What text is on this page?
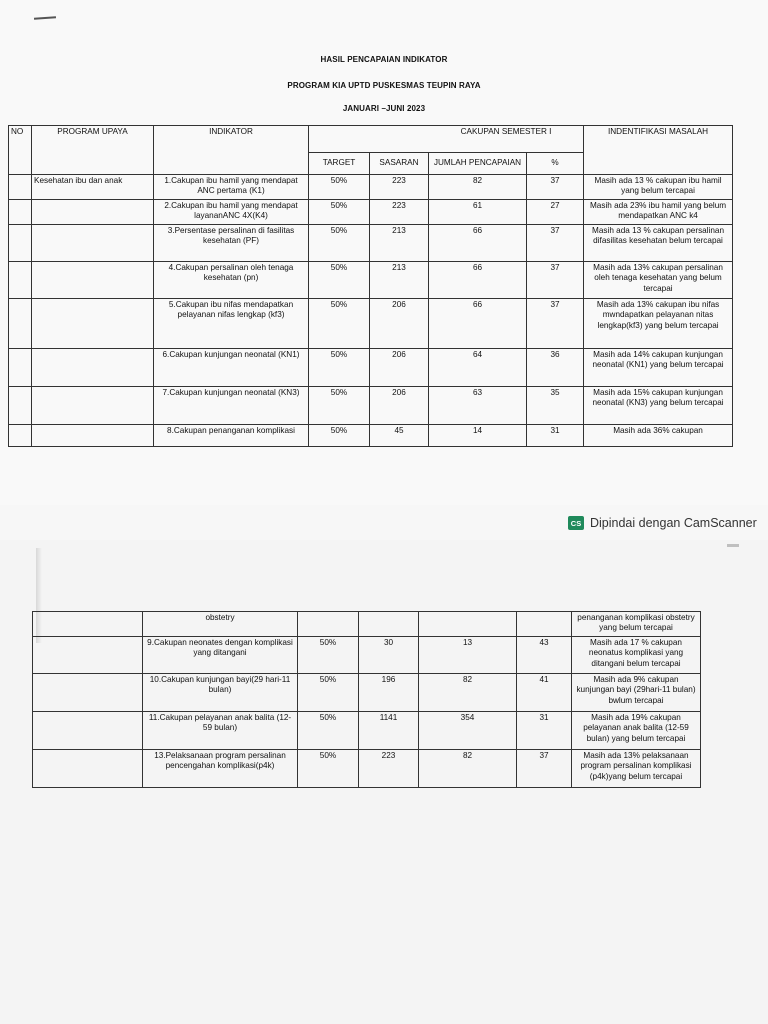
HASIL PENCAPAIAN INDIKATOR
PROGRAM KIA UPTD PUSKESMAS TEUPIN RAYA
JANUARI –JUNI 2023
NO	PROGRAM UPAYA	INDIKATOR	CAKUPAN SEMESTER I				INDENTIFIKASI MASALAH
			TARGET	SASARAN	JUMLAH PENCAPAIAN	%	
	Kesehatan ibu dan anak	1.Cakupan ibu hamil yang mendapat ANC pertama (K1)	50%	223	82	37	Masih ada 13 % cakupan ibu hamil yang belum tercapai
		2.Cakupan ibu hamil yang mendapat layananANC 4X(K4)	50%	223	61	27	Masih ada 23% ibu hamil yang belum mendapatkan ANC k4
		3.Persentase persalinan di fasilitas kesehatan (PF)	50%	213	66	37	Masih ada 13 % cakupan persalinan difasilitas kesehatan belum tercapai
		4.Cakupan persalinan oleh tenaga kesehatan (pn)	50%	213	66	37	Masih ada 13% cakupan persalinan oleh tenaga kesehatan yang belum tercapai
		5.Cakupan ibu nifas mendapatkan pelayanan nifas lengkap (kf3)	50%	206	66	37	Masih ada 13% cakupan ibu nifas mwndapatkan pelayanan nitas lengkap(kf3) yang belum tercapai
		6.Cakupan kunjungan neonatal (KN1)	50%	206	64	36	Masih ada 14% cakupan kunjungan neonatal (KN1) yang belum tercapai
		7.Cakupan kunjungan neonatal (KN3)	50%	206	63	35	Masih ada 15% cakupan kunjungan neonatal (KN3) yang belum tercapai
		8.Cakupan penanganan komplikasi	50%	45	14	31	Masih ada 36% cakupan
CS Dipindai dengan CamScanner
	obstetry					penanganan komplikasi obstetry yang belum tercapai
	9.Cakupan neonates dengan komplikasi yang ditangani	50%	30	13	43	Masih ada 17 % cakupan neonatus komplikasi yang ditangani belum tercapai
	10.Cakupan kunjungan bayi(29 hari-11 bulan)	50%	196	82	41	Masih ada 9% cakupan kunjungan bayi (29hari-11 bulan) bwlum tercapai
	11.Cakupan pelayanan anak balita (12-59 bulan)	50%	1141	354	31	Masih ada 19% cakupan pelayanan anak balita (12-59 bulan) yang belum tercapai
	13.Pelaksanaan program persalinan pencengahan komplikasi(p4k)	50%	223	82	37	Masih ada 13% pelaksanaan program persalinan komplikasi (p4k)yang belum tercapai
